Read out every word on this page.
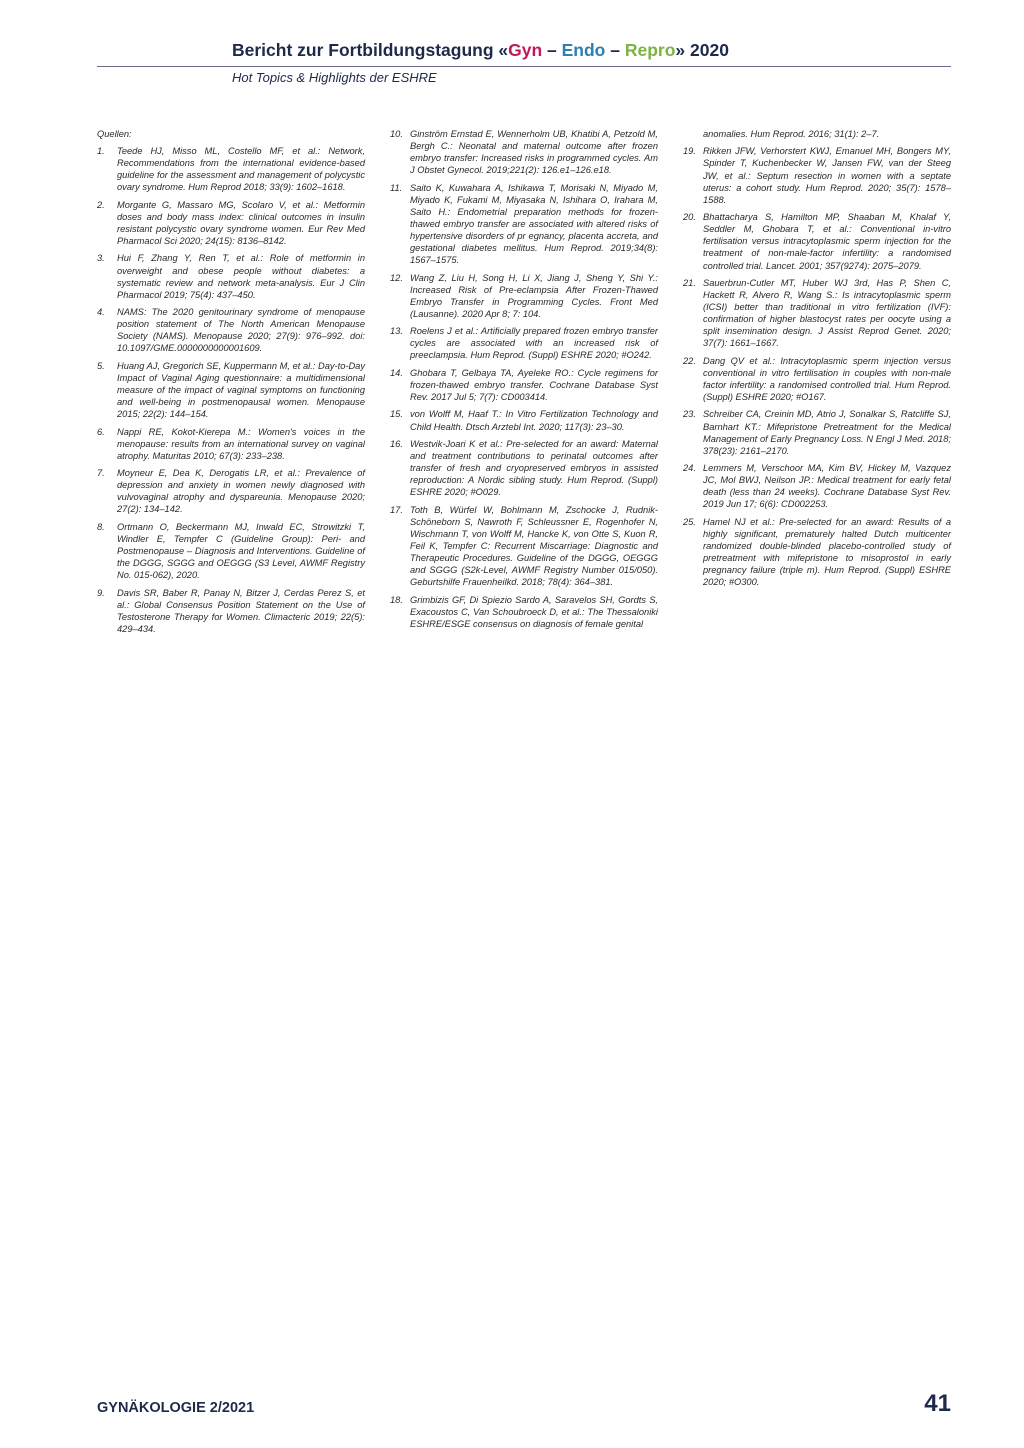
Bericht zur Fortbildungstagung «Gyn – Endo – Repro» 2020
Hot Topics & Highlights der ESHRE
Quellen:
1.	Teede HJ, Misso ML, Costello MF, et al.: Network, Recommendations from the international evidence-based guideline for the assessment and management of polycystic ovary syndrome. Hum Reprod 2018; 33(9): 1602–1618.
2.	Morgante G, Massaro MG, Scolaro V, et al.: Metformin doses and body mass index: clinical outcomes in insulin resistant polycystic ovary syndrome women. Eur Rev Med Pharmacol Sci 2020; 24(15): 8136–8142.
3.	Hui F, Zhang Y, Ren T, et al.: Role of metformin in overweight and obese people without diabetes: a systematic review and network meta-analysis. Eur J Clin Pharmacol 2019; 75(4): 437–450.
4.	NAMS: The 2020 genitourinary syndrome of menopause position statement of The North American Menopause Society (NAMS). Menopause 2020; 27(9): 976–992. doi: 10.1097/GME.0000000000001609.
5.	Huang AJ, Gregorich SE, Kuppermann M, et al.: Day-to-Day Impact of Vaginal Aging questionnaire: a multidimensional measure of the impact of vaginal symptoms on functioning and well-being in postmenopausal women. Menopause 2015; 22(2): 144–154.
6.	Nappi RE, Kokot-Kierepa M.: Women's voices in the menopause: results from an international survey on vaginal atrophy. Maturitas 2010; 67(3): 233–238.
7.	Moyneur E, Dea K, Derogatis LR, et al.: Prevalence of depression and anxiety in women newly diagnosed with vulvovaginal atrophy and dyspareunia. Menopause 2020; 27(2): 134–142.
8.	Ortmann O, Beckermann MJ, Inwald EC, Strowitzki T, Windler E, Tempfer C (Guideline Group): Peri- and Postmenopause – Diagnosis and Interventions. Guideline of the DGGG, SGGG and OEGGG (S3 Level, AWMF Registry No. 015-062), 2020.
9.	Davis SR, Baber R, Panay N, Bitzer J, Cerdas Perez S, et al.: Global Consensus Position Statement on the Use of Testosterone Therapy for Women. Climacteric 2019; 22(5): 429–434.
10. Ginström Ernstad E, Wennerholm UB, Khatibi A, Petzold M, Bergh C.: Neonatal and maternal outcome after frozen embryo transfer: Increased risks in programmed cycles. Am J Obstet Gynecol. 2019;221(2): 126.e1–126.e18.
11. Saito K, Kuwahara A, Ishikawa T, Morisaki N, Miyado M, Miyado K, Fukami M, Miyasaka N, Ishihara O, Irahara M, Saito H.: Endometrial preparation methods for frozen-thawed embryo transfer are associated with altered risks of hypertensive disorders of pr egnancy, placenta accreta, and gestational diabetes mellitus. Hum Reprod. 2019;34(8): 1567–1575.
12. Wang Z, Liu H, Song H, Li X, Jiang J, Sheng Y, Shi Y.: Increased Risk of Pre-eclampsia After Frozen-Thawed Embryo Transfer in Programming Cycles. Front Med (Lausanne). 2020 Apr 8; 7: 104.
13. Roelens J et al.: Artificially prepared frozen embryo transfer cycles are associated with an increased risk of preeclampsia. Hum Reprod. (Suppl) ESHRE 2020; #O242.
14. Ghobara T, Gelbaya TA, Ayeleke RO.: Cycle regimens for frozen-thawed embryo transfer. Cochrane Database Syst Rev. 2017 Jul 5; 7(7): CD003414.
15. von Wolff M, Haaf T.: In Vitro Fertilization Technology and Child Health. Dtsch Arztebl Int. 2020; 117(3): 23–30.
16. Westvik-Joari K et al.: Pre-selected for an award: Maternal and treatment contributions to perinatal outcomes after transfer of fresh and cryopreserved embryos in assisted reproduction: A Nordic sibling study. Hum Reprod. (Suppl) ESHRE 2020; #O029.
17. Toth B, Würfel W, Bohlmann M, Zschocke J, Rudnik-Schöneborn S, Nawroth F, Schleussner E, Rogenhofer N, Wischmann T, von Wolff M, Hancke K, von Otte S, Kuon R, Feil K, Tempfer C: Recurrent Miscarriage: Diagnostic and Therapeutic Procedures. Guideline of the DGGG, OEGGG and SGGG (S2k-Level, AWMF Registry Number 015/050). Geburtshilfe Frauenheilkd. 2018; 78(4): 364–381.
18. Grimbizis GF, Di Spiezio Sardo A, Saravelos SH, Gordts S, Exacoustos C, Van Schoubroeck D, et al.: The Thessaloniki ESHRE/ESGE consensus on diagnosis of female genital
anomalies. Hum Reprod. 2016; 31(1): 2–7.
19. Rikken JFW, Verhorstert KWJ, Emanuel MH, Bongers MY, Spinder T, Kuchenbecker W, Jansen FW, van der Steeg JW, et al.: Septum resection in women with a septate uterus: a cohort study. Hum Reprod. 2020; 35(7): 1578–1588.
20. Bhattacharya S, Hamilton MP, Shaaban M, Khalaf Y, Seddler M, Ghobara T, et al.: Conventional in-vitro fertilisation versus intracytoplasmic sperm injection for the treatment of non-male-factor infertility: a randomised controlled trial. Lancet. 2001; 357(9274): 2075–2079.
21. Sauerbrun-Cutler MT, Huber WJ 3rd, Has P, Shen C, Hackett R, Alvero R, Wang S.: Is intracytoplasmic sperm (ICSI) better than traditional in vitro fertilization (IVF): confirmation of higher blastocyst rates per oocyte using a split insemination design. J Assist Reprod Genet. 2020; 37(7): 1661–1667.
22. Dang QV et al.: Intracytoplasmic sperm injection versus conventional in vitro fertilisation in couples with non-male factor infertility: a randomised controlled trial. Hum Reprod. (Suppl) ESHRE 2020; #O167.
23. Schreiber CA, Creinin MD, Atrio J, Sonalkar S, Ratcliffe SJ, Barnhart KT.: Mifepristone Pretreatment for the Medical Management of Early Pregnancy Loss. N Engl J Med. 2018; 378(23): 2161–2170.
24. Lemmers M, Verschoor MA, Kim BV, Hickey M, Vazquez JC, Mol BWJ, Neilson JP.: Medical treatment for early fetal death (less than 24 weeks). Cochrane Database Syst Rev. 2019 Jun 17; 6(6): CD002253.
25. Hamel NJ et al.: Pre-selected for an award: Results of a highly significant, prematurely halted Dutch multicenter randomized double-blinded placebo-controlled study of pretreatment with mifepristone to misoprostol in early pregnancy failure (triple m). Hum Reprod. (Suppl) ESHRE 2020; #O300.
GYNÄKOLOGIE 2/2021	41
